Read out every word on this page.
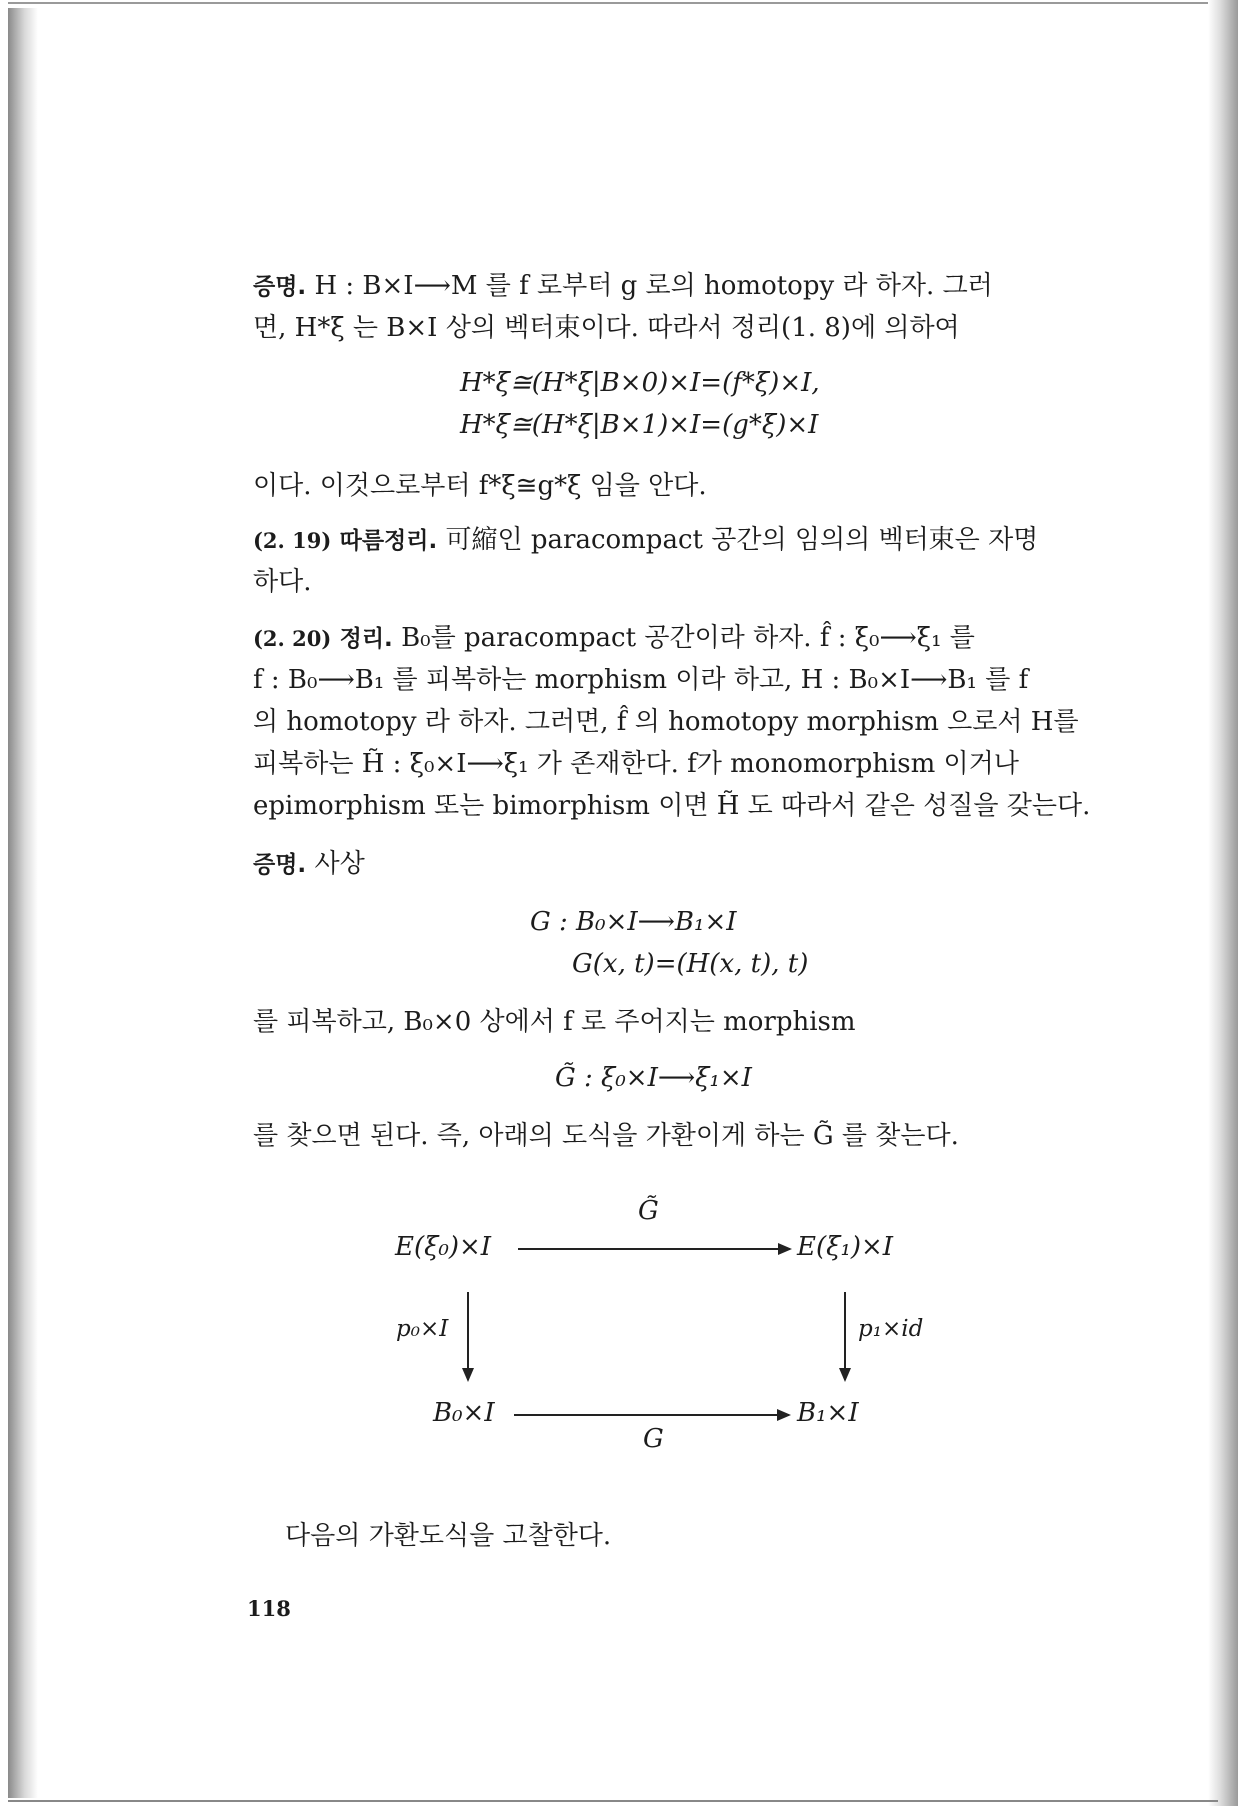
증명. H : B×I⟶M 를 f 로부터 g 로의 homotopy 라 하자. 그러
면, H*ξ 는 B×I 상의 벡터束이다. 따라서 정리(1. 8)에 의하여
H*ξ≅(H*ξ|B×0)×I=(f*ξ)×I,
H*ξ≅(H*ξ|B×1)×I=(g*ξ)×I
이다. 이것으로부터 f*ξ≅g*ξ 임을 안다.
(2. 19) 따름정리. 可縮인 paracompact 공간의 임의의 벡터束은 자명
하다.
(2. 20) 정리. B₀를 paracompact 공간이라 하자. f̂ : ξ₀⟶ξ₁ 를
f : B₀⟶B₁ 를 피복하는 morphism 이라 하고, H : B₀×I⟶B₁ 를 f
의 homotopy 라 하자. 그러면, f̂ 의 homotopy morphism 으로서 H를
피복하는 H̃ : ξ₀×I⟶ξ₁ 가 존재한다. f가 monomorphism 이거나
epimorphism 또는 bimorphism 이면 H̃ 도 따라서 같은 성질을 갖는다.
증명. 사상
G : B₀×I⟶B₁×I
G(x, t)=(H(x, t), t)
를 피복하고, B₀×0 상에서 f 로 주어지는 morphism
G̃ : ξ₀×I⟶ξ₁×I
를 찾으면 된다. 즉, 아래의 도식을 가환이게 하는 G̃ 를 찾는다.
E(ξ₀)×I
G̃
E(ξ₁)×I
p₀×I	p₁×id
B₀×I
G
B₁×I
다음의 가환도식을 고찰한다.
118
